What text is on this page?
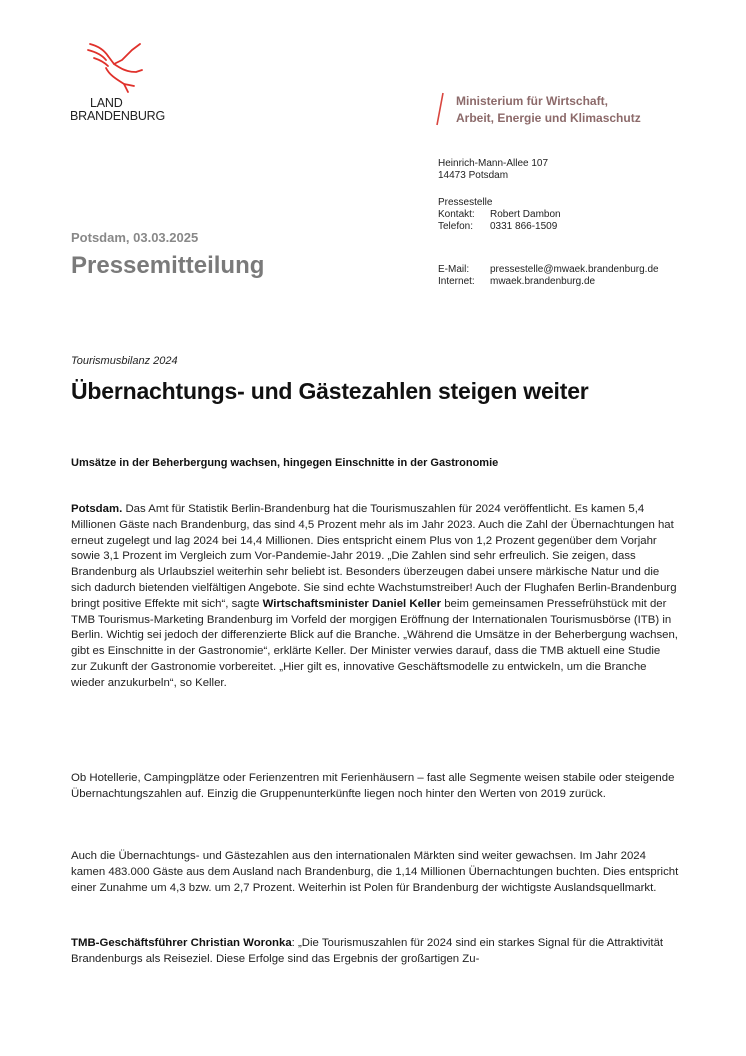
LAND
BRANDENBURG
Ministerium für Wirtschaft,
Arbeit, Energie und Klimaschutz
Heinrich-Mann-Allee 107
14473 Potsdam
Pressestelle
Kontakt:	Robert Dambon
Telefon:	0331 866-1509
E-Mail:	pressestelle@mwaek.brandenburg.de
Internet:	mwaek.brandenburg.de
Potsdam, 03.03.2025
Pressemitteilung
Tourismusbilanz 2024
Übernachtungs- und Gästezahlen steigen weiter
Umsätze in der Beherbergung wachsen, hingegen Einschnitte in der Gastronomie
Potsdam. Das Amt für Statistik Berlin-Brandenburg hat die Tourismuszahlen für 2024 veröffentlicht. Es kamen 5,4 Millionen Gäste nach Brandenburg, das sind 4,5 Prozent mehr als im Jahr 2023. Auch die Zahl der Übernachtungen hat erneut zugelegt und lag 2024 bei 14,4 Millionen. Dies entspricht einem Plus von 1,2 Prozent gegenüber dem Vorjahr sowie 3,1 Prozent im Vergleich zum Vor-Pandemie-Jahr 2019. „Die Zahlen sind sehr erfreulich. Sie zeigen, dass Brandenburg als Urlaubsziel weiterhin sehr beliebt ist. Besonders überzeugen dabei unsere märkische Natur und die sich dadurch bietenden vielfältigen Angebote. Sie sind echte Wachstumstreiber! Auch der Flughafen Berlin-Brandenburg bringt positive Effekte mit sich“, sagte Wirtschaftsminister Daniel Keller beim gemeinsamen Pressefrühstück mit der TMB Tourismus-Marketing Brandenburg im Vorfeld der morgigen Eröffnung der Internationalen Tourismusbörse (ITB) in Berlin. Wichtig sei jedoch der differenzierte Blick auf die Branche. „Während die Umsätze in der Beherbergung wachsen, gibt es Einschnitte in der Gastronomie“, erklärte Keller. Der Minister verwies darauf, dass die TMB aktuell eine Studie zur Zukunft der Gastronomie vorbereitet. „Hier gilt es, innovative Geschäftsmodelle zu entwickeln, um die Branche wieder anzukurbeln“, so Keller.
Ob Hotellerie, Campingplätze oder Ferienzentren mit Ferienhäusern – fast alle Segmente weisen stabile oder steigende Übernachtungszahlen auf. Einzig die Gruppenunterkünfte liegen noch hinter den Werten von 2019 zurück.
Auch die Übernachtungs- und Gästezahlen aus den internationalen Märkten sind weiter gewachsen. Im Jahr 2024 kamen 483.000 Gäste aus dem Ausland nach Brandenburg, die 1,14 Millionen Übernachtungen buchten. Dies entspricht einer Zunahme um 4,3 bzw. um 2,7 Prozent. Weiterhin ist Polen für Brandenburg der wichtigste Auslandsquellmarkt.
TMB-Geschäftsführer Christian Woronka: „Die Tourismuszahlen für 2024 sind ein starkes Signal für die Attraktivität Brandenburgs als Reiseziel. Diese Erfolge sind das Ergebnis der großartigen Zu-
